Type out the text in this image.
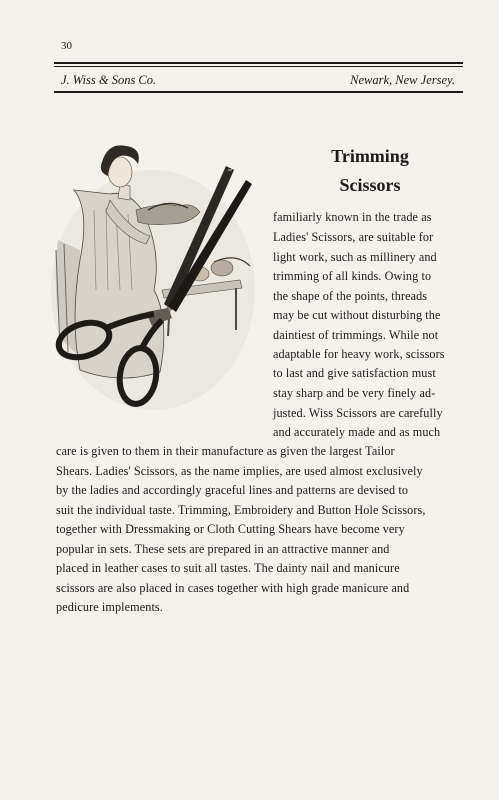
30
J. Wiss & Sons Co.	Newark, New Jersey.
Trimming
Scissors
familiarly known in the trade as
Ladies' Scissors, are suitable for
light work, such as millinery and
trimming of all kinds. Owing to
the shape of the points, threads
may be cut without disturbing the
daintiest of trimmings. While not
adaptable for heavy work, scissors
to last and give satisfaction must
stay sharp and be very finely ad-
justed. Wiss Scissors are carefully
and accurately made and as much
care is given to them in their manufacture as given the largest Tailor
Shears. Ladies' Scissors, as the name implies, are used almost exclusively
by the ladies and accordingly graceful lines and patterns are devised to
suit the individual taste. Trimming, Embroidery and Button Hole Scissors,
together with Dressmaking or Cloth Cutting Shears have become very
popular in sets. These sets are prepared in an attractive manner and
placed in leather cases to suit all tastes. The dainty nail and manicure
scissors are also placed in cases together with high grade manicure and
pedicure implements.
